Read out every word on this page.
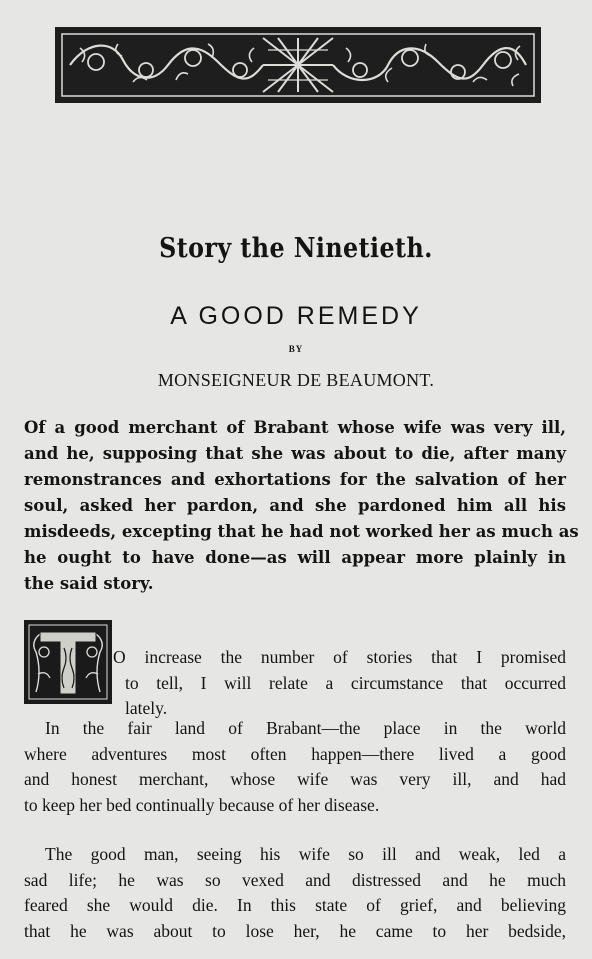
Story the Ninetieth.
A GOOD REMEDY
BY
MONSEIGNEUR DE BEAUMONT.
Of a good merchant of Brabant whose wife was very ill,
and he, supposing that she was about to die, after many
remonstrances and exhortations for the salvation of her
soul, asked her pardon, and she pardoned him all his
misdeeds, excepting that he had not worked her as much as
he ought to have done—as will appear more plainly in
the said story.
O increase the number of stories that I promised
to tell, I will relate a circumstance that occurred
lately.
In the fair land of Brabant—the place in the world
where adventures most often happen—there lived a good
and honest merchant, whose wife was very ill, and had
to keep her bed continually because of her disease.
The good man, seeing his wife so ill and weak, led a
sad life; he was so vexed and distressed and he much
feared she would die. In this state of grief, and believing
that he was about to lose her, he came to her bedside,
